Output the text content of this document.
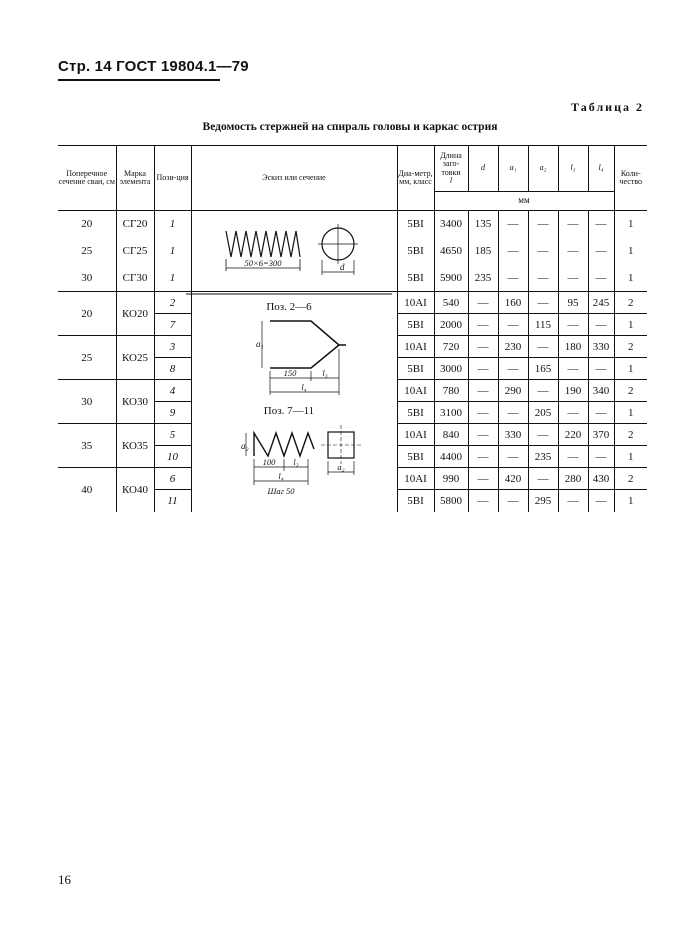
Стр. 14 ГОСТ 19804.1—79
Таблица 2
Ведомость стержней на спираль головы и каркас острия
Поперечное сечение сваи, см	Марка элемента	Пози-ция	Эскиз или сечение	Диа-метр, мм, класс	Длина заго-товки
l	d	a₁	a₂	l₃	l₄	Коли-чество
					мм						
20	СГ20	1		5ВI	3400	135	—	—	—	—	1
25	СГ25	1		5ВI	4650	185	—	—	—	—	1
30	СГ30	1		5ВI	5900	235	—	—	—	—	1
20	КО20	2		10АI	540	—	160	—	95	245	2
		7		5ВI	2000	—	—	115	—	—	1
25	КО25	3		10АI	720	—	230	—	180	330	2
		8		5ВI	3000	—	—	165	—	—	1
30	КО30	4		10АI	780	—	290	—	190	340	2
		9		5ВI	3100	—	—	205	—	—	1
35	КО35	5		10АI	840	—	330	—	220	370	2
		10		5ВI	4400	—	—	235	—	—	1
40	КО40	6		10АI	990	—	420	—	280	430	2
		11		5ВI	5800	—	—	295	—	—	1
50×6=300	d
Поз. 2—6
a₁
150	l₃
l₄
Поз. 7—11
a₂
100 l₃
l₄
Шаг 50
a₂
16
